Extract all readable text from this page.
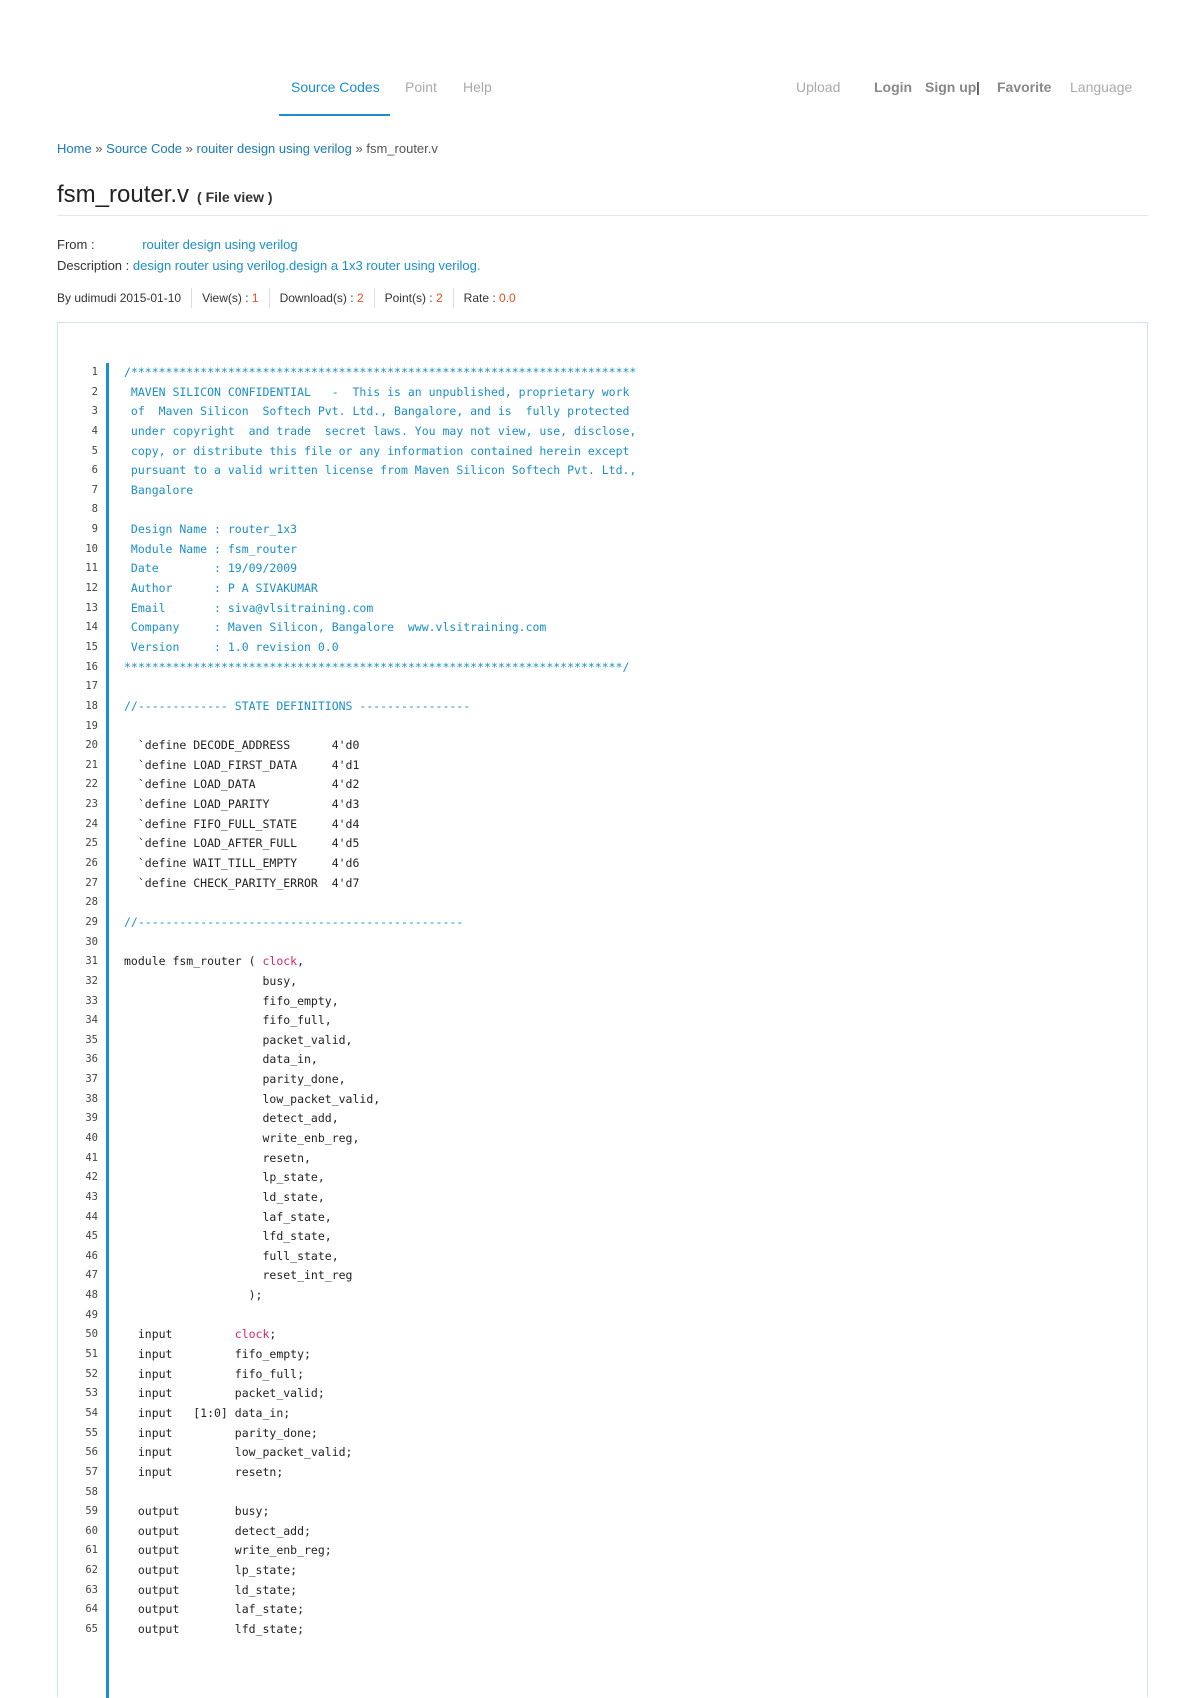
Source Codes Point Help	Upload Login Sign up | Favorite Language
Home » Source Code » rouiter design using verilog » fsm_router.v
fsm_router.v ( File view )
From :	rouiter design using verilog
Description : design router using verilog.design a 1x3 router using verilog.
By udimudi 2015-01-10 View(s) :
1 Download(s) :
2 Point(s) :
2 Rate :
0.0
1 /*************************************************************************
2 MAVEN SILICON CONFIDENTIAL   -  This is an unpublished, proprietary work
3 of  Maven Silicon  Softech Pvt. Ltd., Bangalore, and is  fully protected
4 under copyright  and trade  secret laws. You may not view, use, disclose,
5 copy, or distribute this file or any information contained herein except
6 pursuant to a valid written license from Maven Silicon Softech Pvt. Ltd.,
7 Bangalore
8
9 Design Name : router_1x3
10 Module Name : fsm_router
11 Date        : 19/09/2009
12 Author      : P A SIVAKUMAR
13 Email       : siva@vlsitraining.com
14 Company     : Maven Silicon, Bangalore  www.vlsitraining.com
15 Version     : 1.0 revision 0.0
16 ************************************************************************/
17
18 //------------- STATE DEFINITIONS ----------------
19
20 `define DECODE_ADDRESS      4'd0
21 `define LOAD_FIRST_DATA     4'd1
22 `define LOAD_DATA           4'd2
23 `define LOAD_PARITY         4'd3
24 `define FIFO_FULL_STATE     4'd4
25 `define LOAD_AFTER_FULL     4'd5
26 `define WAIT_TILL_EMPTY     4'd6
27 `define CHECK_PARITY_ERROR  4'd7
28
29 //-----------------------------------------------
30
31 module fsm_router ( clock,
32 busy,
33 fifo_empty,
34 fifo_full,
35 packet_valid,
36 data_in,
37 parity_done,
38 low_packet_valid,
39 detect_add,
40 write_enb_reg,
41 resetn,
42 lp_state,
43 ld_state,
44 laf_state,
45 lfd_state,
46 full_state,
47 reset_int_reg
48 );
49
50 input         clock;
51 input         fifo_empty;
52 input         fifo_full;
53 input         packet_valid;
54 input   [1:0] data_in;
55 input         parity_done;
56 input         low_packet_valid;
57 input         resetn;
58
59 output        busy;
60 output        detect_add;
61 output        write_enb_reg;
62 output        lp_state;
63 output        ld_state;
64 output        laf_state;
65 output        lfd_state;
